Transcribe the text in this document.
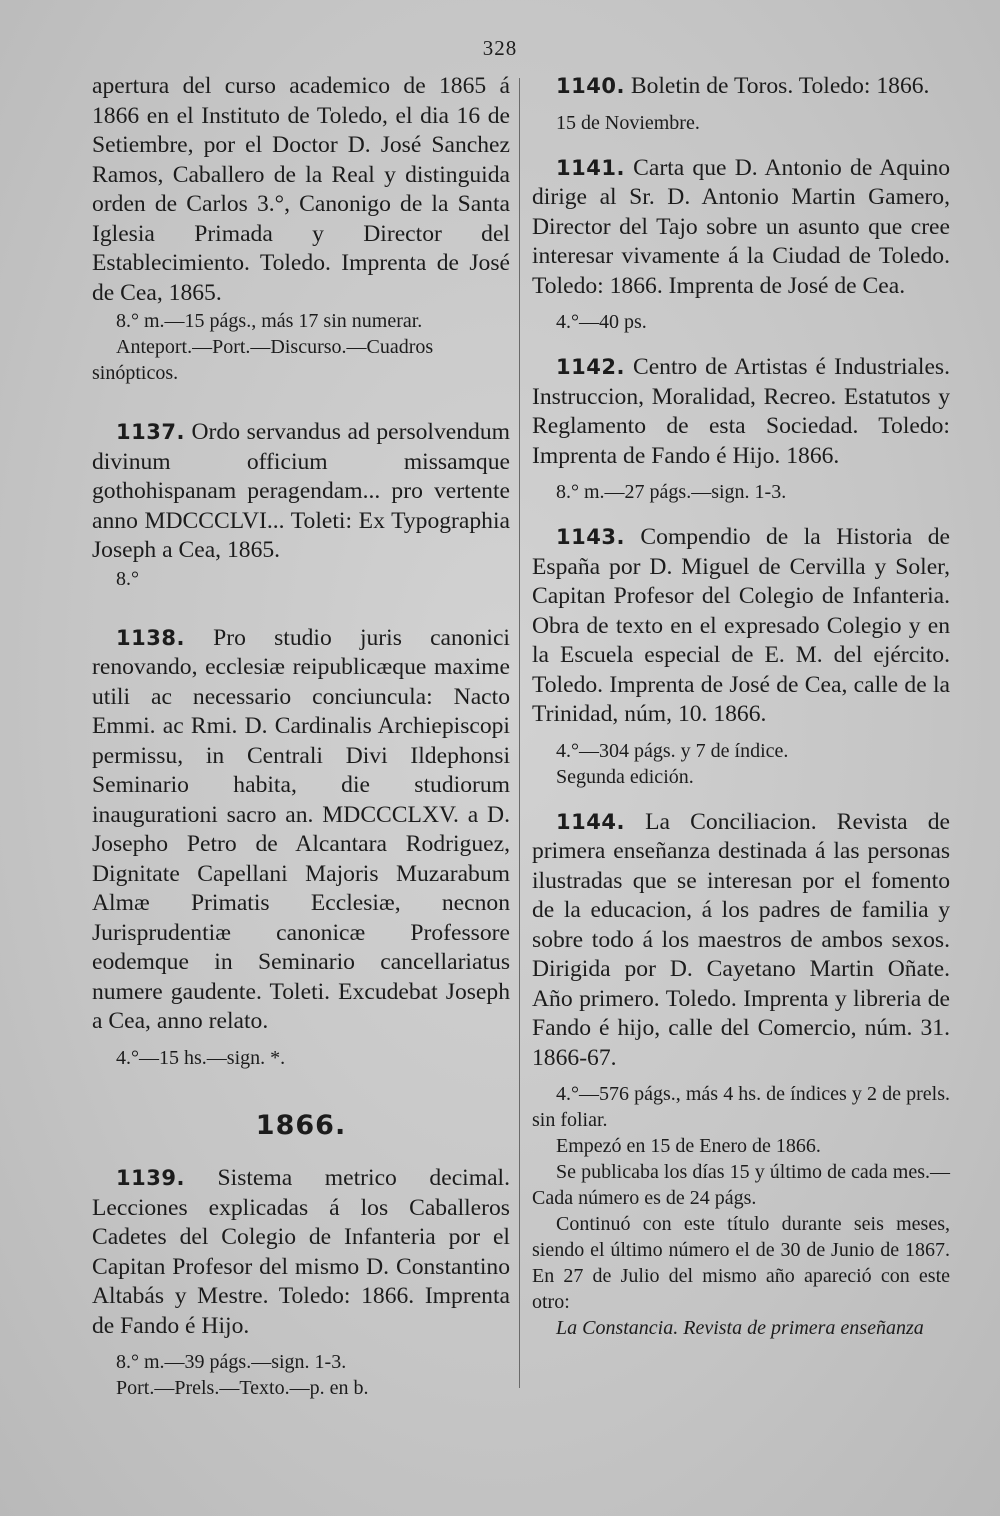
328

apertura del curso academico de 1865 á 1866 en el Instituto de Toledo, el dia 16 de Setiembre, por el Doctor D. José Sanchez Ramos, Caballero de la Real y distinguida orden de Carlos 3.°, Canonigo de la Santa Iglesia Primada y Director del Establecimiento. Toledo. Imprenta de José de Cea, 1865.

8.° m.—15 págs., más 17 sin numerar.

Anteport.—Port.—Discurso.—Cuadros sinópticos.

1137. Ordo servandus ad persolvendum divinum officium missamque gothohispanam peragendam... pro vertente anno MDCCCLVI... Toleti: Ex Typographia Joseph a Cea, 1865.

8.°

1138. Pro studio juris canonici renovando, ecclesiæ reipublicæque maxime utili ac necessario conciuncula: Nacto Emmi. ac Rmi. D. Cardinalis Archiepiscopi permissu, in Centrali Divi Ildephonsi Seminario habita, die studiorum inaugurationi sacro an. MDCCCLXV. a D. Josepho Petro de Alcantara Rodriguez, Dignitate Capellani Majoris Muzarabum Almæ Primatis Ecclesiæ, necnon Jurisprudentiæ canonicæ Professore eodemque in Seminario cancellariatus numere gaudente. Toleti. Excudebat Joseph a Cea, anno relato.

4.°—15 hs.—sign. *.

1866.

1139. Sistema metrico decimal. Lecciones explicadas á los Caballeros Cadetes del Colegio de Infanteria por el Capitan Profesor del mismo D. Constantino Altabás y Mestre. Toledo: 1866. Imprenta de Fando é Hijo.

8.° m.—39 págs.—sign. 1-3.

Port.—Prels.—Texto.—p. en b.

1140. Boletin de Toros. Toledo: 1866.

15 de Noviembre.

1141. Carta que D. Antonio de Aquino dirige al Sr. D. Antonio Martin Gamero, Director del Tajo sobre un asunto que cree interesar vivamente á la Ciudad de Toledo. Toledo: 1866. Imprenta de José de Cea.

4.°—40 ps.

1142. Centro de Artistas é Industriales. Instruccion, Moralidad, Recreo. Estatutos y Reglamento de esta Sociedad. Toledo: Imprenta de Fando é Hijo. 1866.

8.° m.—27 págs.—sign. 1-3.

1143. Compendio de la Historia de España por D. Miguel de Cervilla y Soler, Capitan Profesor del Colegio de Infanteria. Obra de texto en el expresado Colegio y en la Escuela especial de E. M. del ejército. Toledo. Imprenta de José de Cea, calle de la Trinidad, núm, 10. 1866.

4.°—304 págs. y 7 de índice.

Segunda edición.

1144. La Conciliacion. Revista de primera enseñanza destinada á las personas ilustradas que se interesan por el fomento de la educacion, á los padres de familia y sobre todo á los maestros de ambos sexos. Dirigida por D. Cayetano Martin Oñate. Año primero. Toledo. Imprenta y libreria de Fando é hijo, calle del Comercio, núm. 31. 1866-67.

4.°—576 págs., más 4 hs. de índices y 2 de prels. sin foliar.

Empezó en 15 de Enero de 1866.

Se publicaba los días 15 y último de cada mes.—Cada número es de 24 págs.

Continuó con este título durante seis meses, siendo el último número el de 30 de Junio de 1867. En 27 de Julio del mismo año apareció con este otro:

La Constancia. Revista de primera enseñanza
